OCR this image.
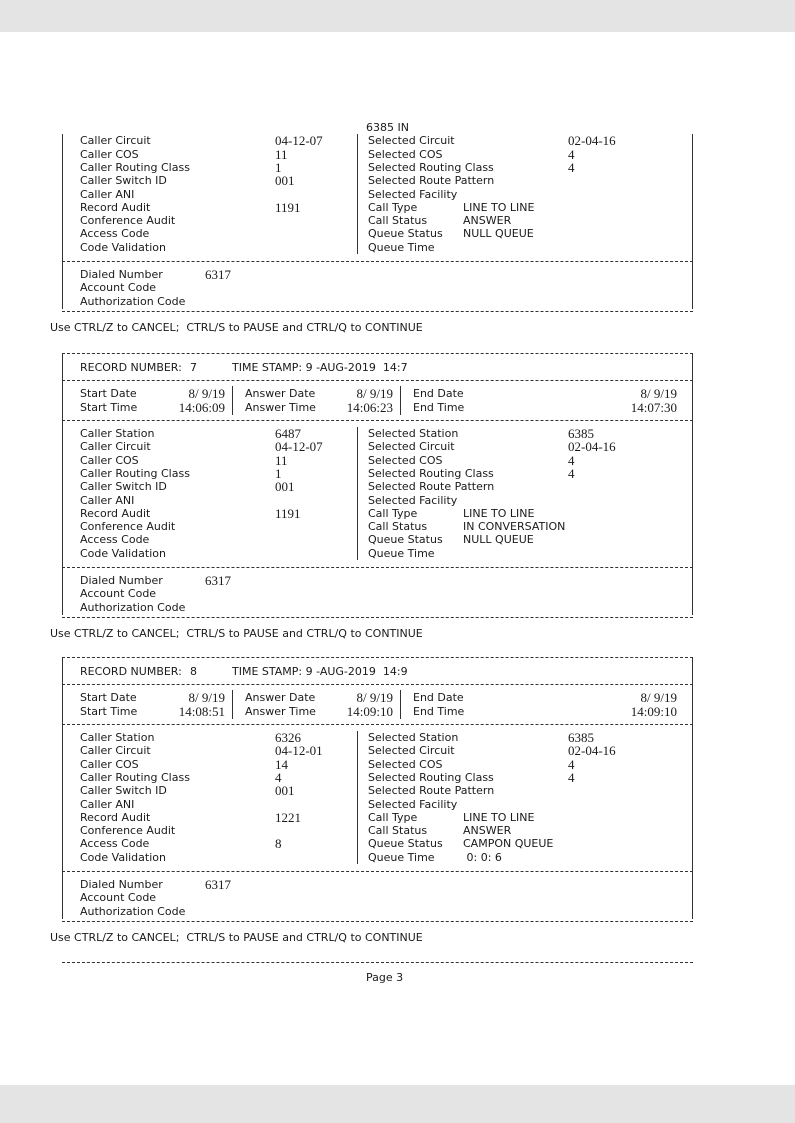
6385 IN
Caller Circuit	04-12-07
Caller COS	11
Caller Routing Class	1
Caller Switch ID	001
Caller ANI
Record Audit	1191
Conference Audit
Access Code
Code Validation
Selected Circuit	02-04-16
Selected COS	4
Selected Routing Class	4
Selected Route Pattern
Selected Facility
Call Type	LINE TO LINE
Call Status	ANSWER
Queue Status NULL QUEUE
Queue Time
Dialed Number	6317
Account Code
Authorization Code
Use CTRL/Z to CANCEL;  CTRL/S to PAUSE and CTRL/Q to CONTINUE
RECORD NUMBER: 7	TIME STAMP: 9 -AUG-2019  14:7
Start Date	8/ 9/19 Answer Date	8/ 9/19 End Date	8/ 9/19
Start Time	14:06:09 Answer Time 14:06:23 End Time	14:07:30
Caller Station	6487
Caller Circuit	04-12-07
Caller COS	11
Caller Routing Class	1
Caller Switch ID	001
Caller ANI
Record Audit	1191
Conference Audit
Access Code
Code Validation
Selected Station	6385
Selected Circuit	02-04-16
Selected COS	4
Selected Routing Class	4
Selected Route Pattern
Selected Facility
Call Type	LINE TO LINE
Call Status	IN CONVERSATION
Queue Status NULL QUEUE
Queue Time
Dialed Number	6317
Account Code
Authorization Code
Use CTRL/Z to CANCEL;  CTRL/S to PAUSE and CTRL/Q to CONTINUE
RECORD NUMBER: 8	TIME STAMP: 9 -AUG-2019  14:9
Start Date	8/ 9/19 Answer Date	8/ 9/19 End Date	8/ 9/19
Start Time	14:08:51 Answer Time 14:09:10 End Time	14:09:10
Caller Station	6326
Caller Circuit	04-12-01
Caller COS	14
Caller Routing Class	4
Caller Switch ID	001
Caller ANI
Record Audit	1221
Conference Audit
Access Code	8
Code Validation
Selected Station	6385
Selected Circuit	02-04-16
Selected COS	4
Selected Routing Class	4
Selected Route Pattern
Selected Facility
Call Type	LINE TO LINE
Call Status	ANSWER
Queue Status CAMPON QUEUE
Queue Time	0: 0: 6
Dialed Number	6317
Account Code
Authorization Code
Use CTRL/Z to CANCEL;  CTRL/S to PAUSE and CTRL/Q to CONTINUE
Page 3
